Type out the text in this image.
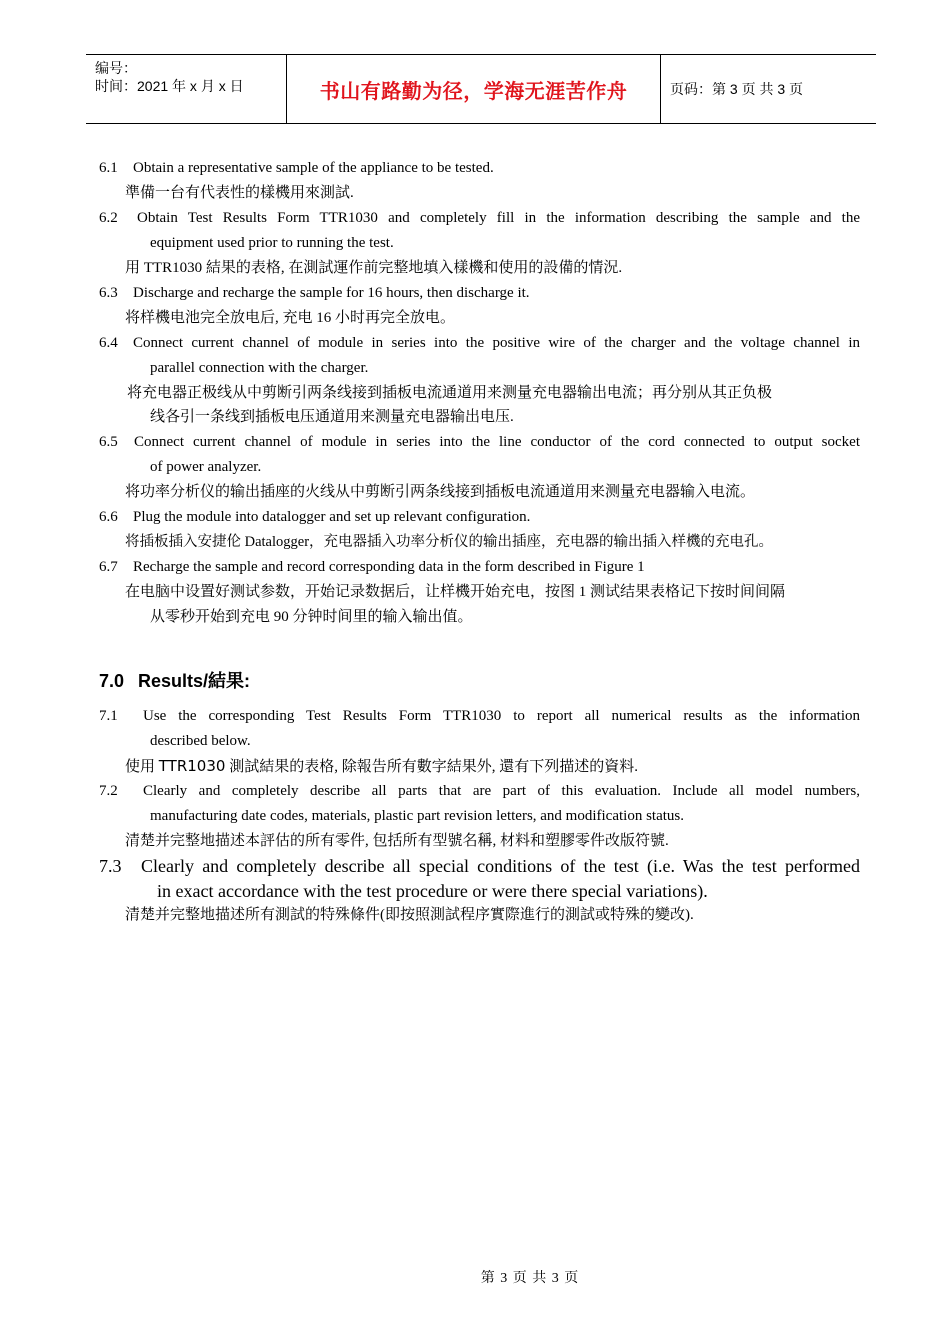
编号：
时间：2021 年 x 月 x 日	书山有路勤为径，学海无涯苦作舟	页码：第 3 页 共 3 页
6.1 Obtain a representative sample of the appliance to be tested.
準備一台有代表性的樣機用來測試.
6.2 Obtain Test Results Form TTR1030 and completely fill in the information describing the sample and the
equipment used prior to running the test.
用 TTR1030 結果的表格, 在測試運作前完整地填入樣機和使用的設備的情況.
6.3 Discharge and recharge the sample for 16 hours, then discharge it.
将样機电池完全放电后, 充电 16 小时再完全放电。
6.4 Connect current channel of module in series into the positive wire of the charger and the voltage channel in
parallel connection with the charger.
将充电器正极线从中剪断引两条线接到插板电流通道用来测量充电器输出电流；再分别从其正负极
线各引一条线到插板电压通道用来测量充电器输出电压.
6.5 Connect current channel of module in series into the line conductor of the cord connected to output socket
of power analyzer.
将功率分析仪的输出插座的火线从中剪断引两条线接到插板电流通道用来测量充电器输入电流。
6.6 Plug the module into datalogger and set up relevant configuration.
将插板插入安捷伦 Datalogger，充电器插入功率分析仪的输出插座，充电器的输出插入样機的充电孔。
6.7 Recharge the sample and record corresponding data in the form described in Figure 1
在电脑中设置好测试参数，开始记录数据后，让样機开始充电，按图 1 测试结果表格记下按时间间隔
从零秒开始到充电 90 分钟时间里的输入输出值。
7.0 Results/結果:
7.1 Use the corresponding Test Results Form TTR1030 to report all numerical results as the information
described below.
使用 TTR1030 測試結果的表格, 除報告所有數字結果外, 還有下列描述的資料.
7.2 Clearly and completely describe all parts that are part of this evaluation. Include all model numbers,
manufacturing date codes, materials, plastic part revision letters, and modification status.
清楚并完整地描述本評估的所有零件, 包括所有型號名稱, 材料和塑膠零件改版符號.
7.3 Clearly and completely describe all special conditions of the test (i.e. Was the test performed
in exact accordance with the test procedure or were there special variations).
清楚并完整地描述所有測試的特殊條件(即按照測試程序實際進行的測試或特殊的變改).
第 3 页 共 3 页
